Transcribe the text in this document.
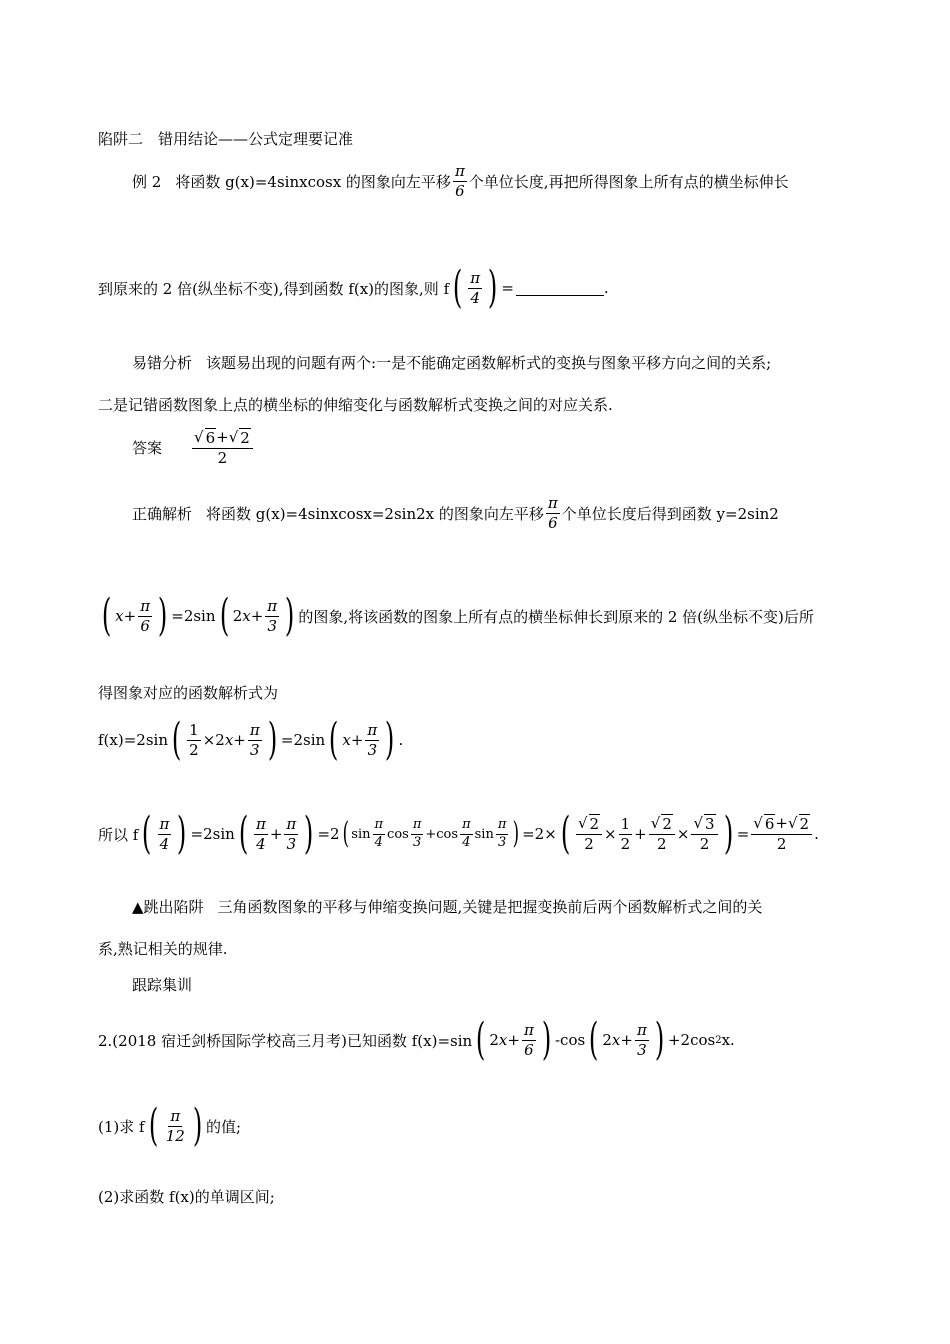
陷阱二　错用结论——公式定理要记准
例 2 将函数 g(x)=4sinxcosx 的图象向左平移 $\frac{\pi}{6}$ 个单位长度,再把所得图象上所有点的横坐标伸长
到原来的 2 倍(纵坐标不变),得到函数 f(x)的图象,则 f ( $\frac{\pi}{4}$ ) =	.
易错分析 该题易出现的问题有两个:一是不能确定函数解析式的变换与图象平移方向之间的关系;
二是记错函数图象上点的横坐标的伸缩变化与函数解析式变换之间的对应关系.
答案 $\frac{√ 6 + √ 2}{2}$
正确解析 将函数 g(x)=4sinxcosx=2sin2x 的图象向左平移 $\frac{\pi}{6}$ 个单位长度后得到函数 y=2sin2
( $x + \frac{\pi}{6}$ ) =2sin ( 2 $x + \frac{\pi}{3}$ ) 的图象,将该函数的图象上所有点的横坐标伸长到原来的 2 倍(纵坐标不变)后所
得图象对应的函数解析式为
f(x)=2sin ( $\frac{1}{2} \times 2$ $x + \frac{\pi}{3}$ ) =2sin ( $x + \frac{\pi}{3}$ ) .
所以 f ( $\frac{\pi}{4}$ ) =2sin ( $\frac{\pi}{4} + \frac{\pi}{3}$ ) =2 ( $\sin \frac{\pi}{4}$ $\cos \frac{\pi}{3} + \cos \frac{\pi}{4}$ $\sin \frac{\pi}{3}$ ) =2× ( $\frac{√ 2}{2} \times \frac{1}{2} + \frac{√ 2}{2} \times \frac{√ 3}{2}$ ) = $\frac{√ 6 + √ 2}{2}$ .
▲跳出陷阱 三角函数图象的平移与伸缩变换问题,关键是把握变换前后两个函数解析式之间的关
系,熟记相关的规律.
跟踪集训
2.(2018 宿迁剑桥国际学校高三月考)已知函数 f(x)=sin ( 2 $x + \frac{\pi}{6}$ ) -cos ( 2 $x + \frac{\pi}{3}$ ) +2cos 2 x.
(1)求 f ( $\frac{\pi}{12}$ ) 的值;
(2)求函数 f(x)的单调区间;
